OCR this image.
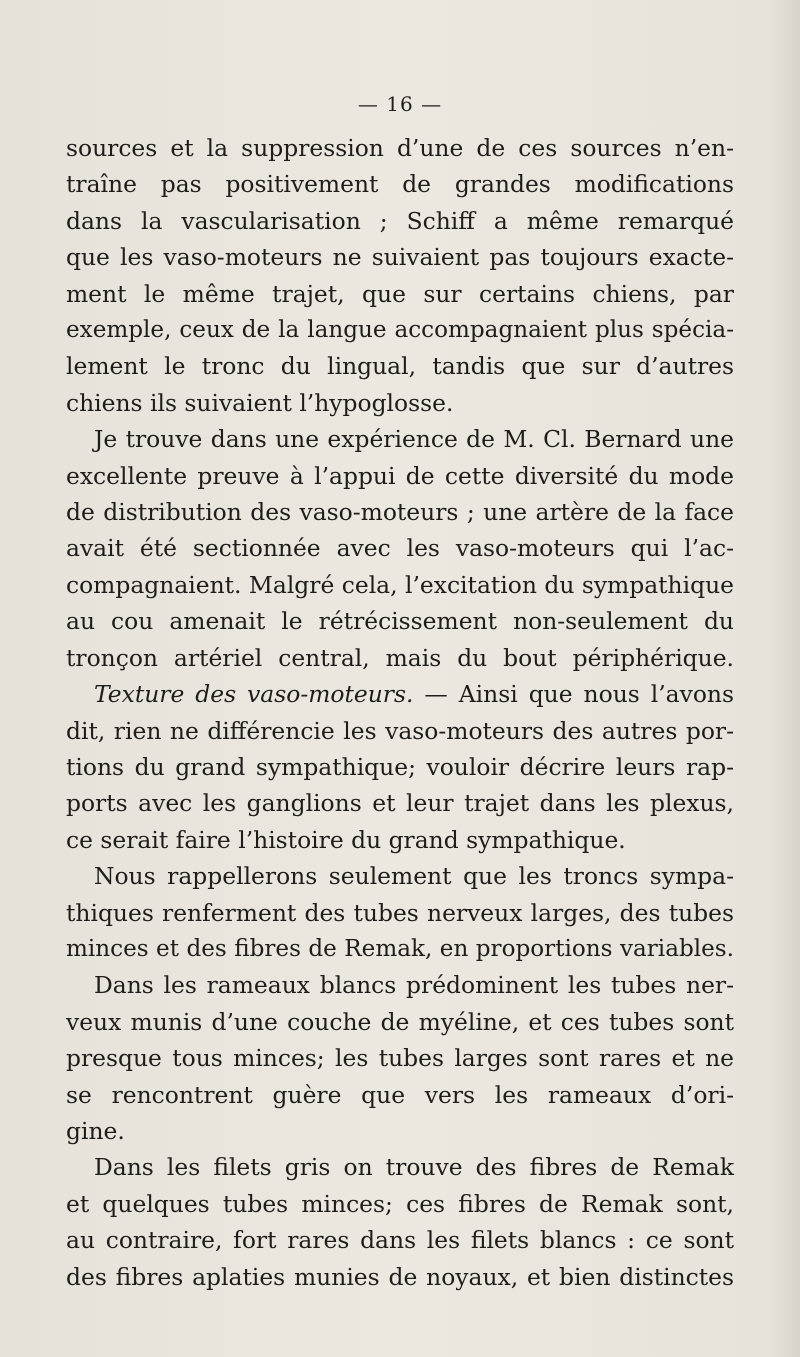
— 16 —
sources et la suppression d’une de ces sources n’en-
traîne pas positivement de grandes modifications
dans la vascularisation ; Schiff a même remarqué
que les vaso-moteurs ne suivaient pas toujours exacte-
ment le même trajet, que sur certains chiens, par
exemple, ceux de la langue accompagnaient plus spécia-
lement le tronc du lingual, tandis que sur d’autres
chiens ils suivaient l’hypoglosse.
Je trouve dans une expérience de M. Cl. Bernard une
excellente preuve à l’appui de cette diversité du mode
de distribution des vaso-moteurs ; une artère de la face
avait été sectionnée avec les vaso-moteurs qui l’ac-
compagnaient. Malgré cela, l’excitation du sympathique
au cou amenait le rétrécissement non-seulement du
tronçon artériel central, mais du bout périphérique.
Texture des vaso-moteurs. — Ainsi que nous l’avons
dit, rien ne différencie les vaso-moteurs des autres por-
tions du grand sympathique; vouloir décrire leurs rap-
ports avec les ganglions et leur trajet dans les plexus,
ce serait faire l’histoire du grand sympathique.
Nous rappellerons seulement que les troncs sympa-
thiques renferment des tubes nerveux larges, des tubes
minces et des fibres de Remak, en proportions variables.
Dans les rameaux blancs prédominent les tubes ner-
veux munis d’une couche de myéline, et ces tubes sont
presque tous minces; les tubes larges sont rares et ne
se rencontrent guère que vers les rameaux d’ori-
gine.
Dans les filets gris on trouve des fibres de Remak
et quelques tubes minces; ces fibres de Remak sont,
au contraire, fort rares dans les filets blancs : ce sont
des fibres aplaties munies de noyaux, et bien distinctes
